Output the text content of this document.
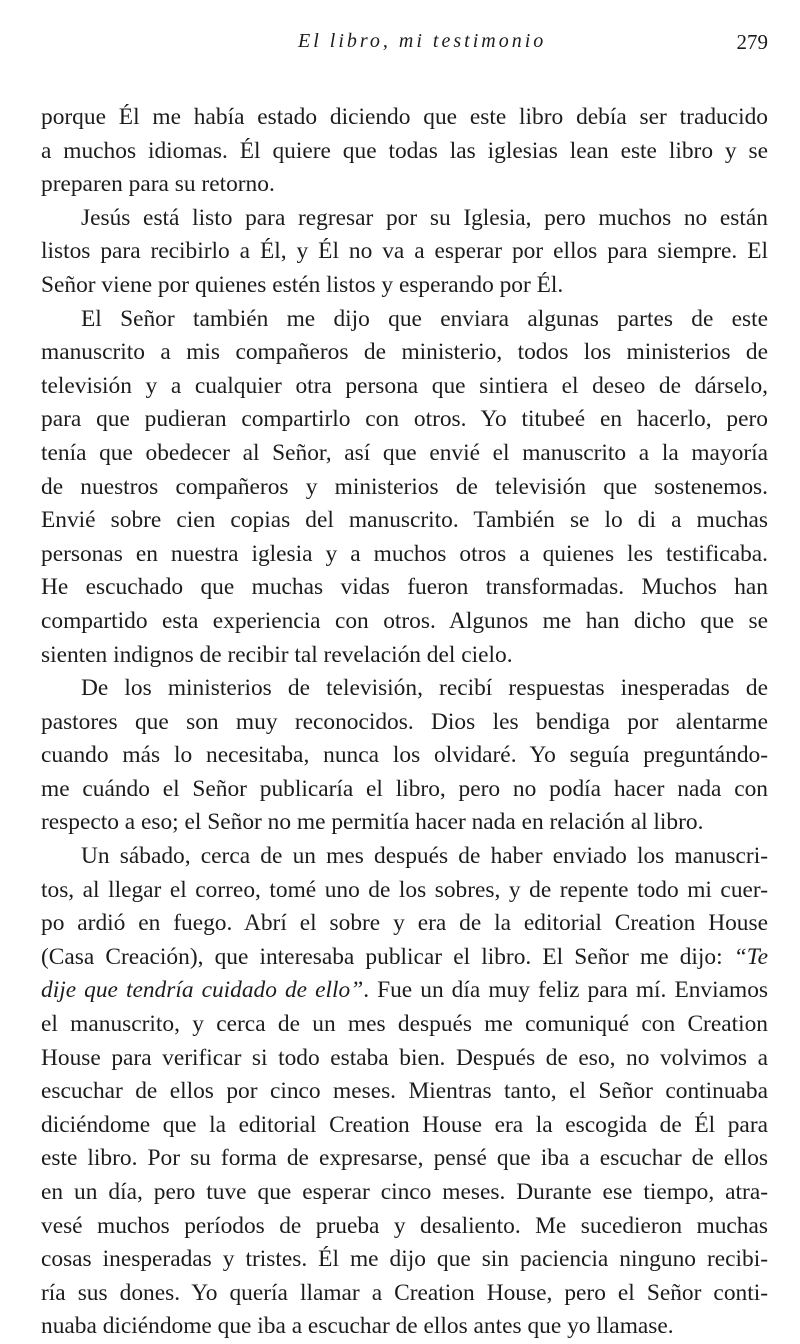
El libro, mi testimonio	279
porque Él me había estado diciendo que este libro debía ser traducido
a muchos idiomas. Él quiere que todas las iglesias lean este libro y se
preparen para su retorno.
Jesús está listo para regresar por su Iglesia, pero muchos no están
listos para recibirlo a Él, y Él no va a esperar por ellos para siempre. El
Señor viene por quienes estén listos y esperando por Él.
El Señor también me dijo que enviara algunas partes de este
manuscrito a mis compañeros de ministerio, todos los ministerios de
televisión y a cualquier otra persona que sintiera el deseo de dárselo,
para que pudieran compartirlo con otros. Yo titubeé en hacerlo, pero
tenía que obedecer al Señor, así que envié el manuscrito a la mayoría
de nuestros compañeros y ministerios de televisión que sostenemos.
Envié sobre cien copias del manuscrito. También se lo di a muchas
personas en nuestra iglesia y a muchos otros a quienes les testificaba.
He escuchado que muchas vidas fueron transformadas. Muchos han
compartido esta experiencia con otros. Algunos me han dicho que se
sienten indignos de recibir tal revelación del cielo.
De los ministerios de televisión, recibí respuestas inesperadas de
pastores que son muy reconocidos. Dios les bendiga por alentarme
cuando más lo necesitaba, nunca los olvidaré. Yo seguía preguntándo-
me cuándo el Señor publicaría el libro, pero no podía hacer nada con
respecto a eso; el Señor no me permitía hacer nada en relación al libro.
Un sábado, cerca de un mes después de haber enviado los manuscri-
tos, al llegar el correo, tomé uno de los sobres, y de repente todo mi cuer-
po ardió en fuego. Abrí el sobre y era de la editorial Creation House
(Casa Creación), que interesaba publicar el libro. El Señor me dijo: “Te
dije que tendría cuidado de ello”. Fue un día muy feliz para mí. Enviamos
el manuscrito, y cerca de un mes después me comuniqué con Creation
House para verificar si todo estaba bien. Después de eso, no volvimos a
escuchar de ellos por cinco meses. Mientras tanto, el Señor continuaba
diciéndome que la editorial Creation House era la escogida de Él para
este libro. Por su forma de expresarse, pensé que iba a escuchar de ellos
en un día, pero tuve que esperar cinco meses. Durante ese tiempo, atra-
vesé muchos períodos de prueba y desaliento. Me sucedieron muchas
cosas inesperadas y tristes. Él me dijo que sin paciencia ninguno recibi-
ría sus dones. Yo quería llamar a Creation House, pero el Señor conti-
nuaba diciéndome que iba a escuchar de ellos antes que yo llamase.
